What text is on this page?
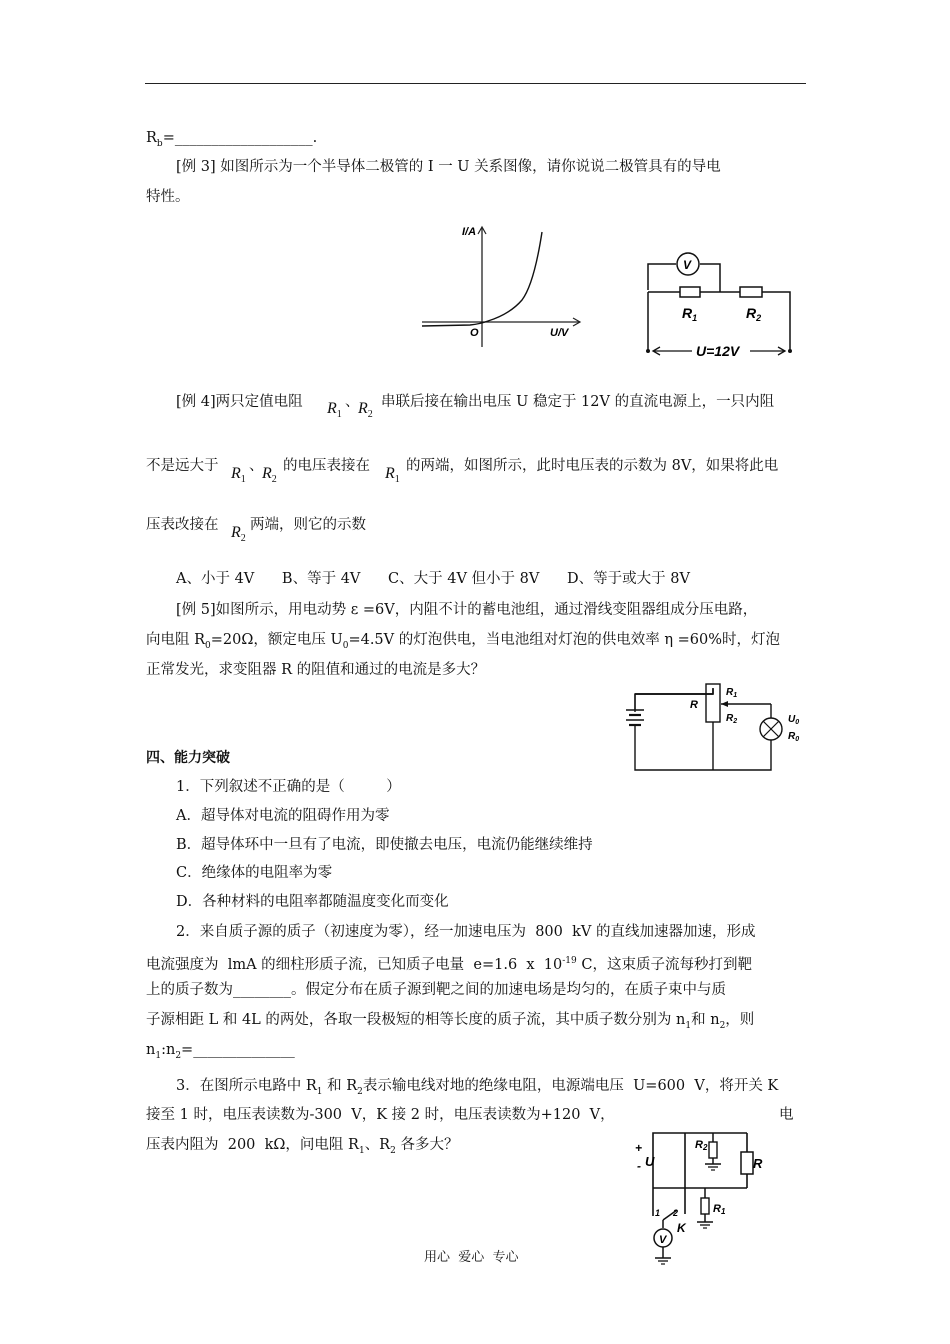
$R_b=\_\_\_\_\_\_\_\_\_\_\_\_\_\_\_\_\_\_\_$.
[例 3] 如图所示为一个半导体二极管的 I 一 U 关系图像，请你说说二极管具有的导电
特性。
I/A
U/V
O
V
$R_1$	$R_2$
U=12V
[例 4]两只定值电阻 $R_1$
、
$R_2$
串联后接在输出电压 U 稳定于 12V 的直流电源上，一只内阻
不是远大于 $R_1$
、
$R_2$
的电压表接在 $R_1$
的两端，如图所示，此时电压表的示数为 8V，如果将此电
压表改接在 $R_2$
两端，则它的示数
A、小于 4V      B、等于 4V      C、大于 4V 但小于 8V      D、等于或大于 8V
[例 5]如图所示，用电动势 ε =6V，内阻不计的蓄电池组，通过滑线变阻器组成分压电路，
向电阻 $R_0=20\Omega$，额定电压 $U_0=4.5V$ 的灯泡供电，当电池组对灯泡的供电效率 η =60%时，灯泡
正常发光，求变阻器 R 的阻值和通过的电流是多大？
R
$R_1$
$R_2$	$U_0$
$R_0$
四、能力突破
1．下列叙述不正确的是（         ）
A．超导体对电流的阻碍作用为零
B．超导体环中一旦有了电流，即使撤去电压，电流仍能继续维持
C．绝缘体的电阻率为零
D．各种材料的电阻率都随温度变化而变化
2．来自质子源的质子（初速度为零），经一加速电压为  800  kV 的直线加速器加速，形成
电流强度为  lmA 的细柱形质子流，已知质子电量  e=1.6  x  $10^{-19}$ C，这束质子流每秒打到靶
上的质子数为________。假定分布在质子源到靶之间的加速电场是均匀的，在质子束中与质
子源相距 L 和 4L 的两处，各取一段极短的相等长度的质子流，其中质子数分别为 $n_1$和 $n_2$，则
$n_1:n_2=\_\_\_\_\_\_\_\_\_\_\_\_\_\_$
3．在图所示电路中 $R_1$ 和 $R_2$表示输电线对地的绝缘电阻，电源端电压  U=600  V，将开关 K
接至 1 时，电压表读数为-300  V，K 接 2 时，电压表读数为+120  V，	电
压表内阻为  200  kΩ，问电阻 $R_1$、$R_2$ 各多大？
V
+
- U
R2
R
R1
1 2
K
用心  爱心  专心
